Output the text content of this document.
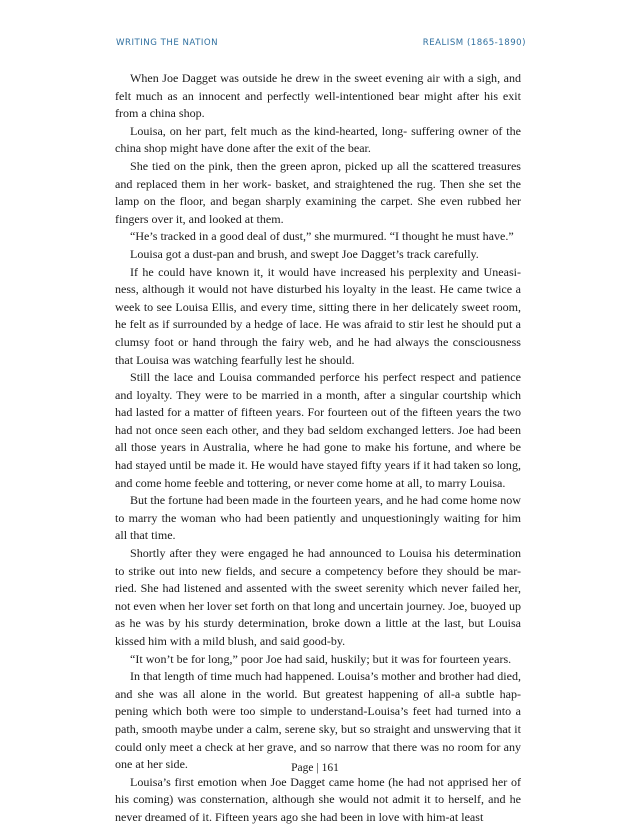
WRITING THE NATION	REALISM (1865-1890)

When Joe Dagget was outside he drew in the sweet evening air with a sigh, and felt much as an innocent and perfectly well-intentioned bear might after his exit from a china shop.

Louisa, on her part, felt much as the kind-hearted, long- suffering owner of the china shop might have done after the exit of the bear.

She tied on the pink, then the green apron, picked up all the scattered treasures and replaced them in her work- basket, and straightened the rug. Then she set the lamp on the floor, and began sharply examining the carpet. She even rubbed her fingers over it, and looked at them.

“He’s tracked in a good deal of dust,” she murmured. “I thought he must have.”

Louisa got a dust-pan and brush, and swept Joe Dagget’s track carefully.

If he could have known it, it would have increased his perplexity and Uneasi-ness, although it would not have disturbed his loyalty in the least. He came twice a week to see Louisa Ellis, and every time, sitting there in her delicately sweet room, he felt as if surrounded by a hedge of lace. He was afraid to stir lest he should put a clumsy foot or hand through the fairy web, and he had always the consciousness that Louisa was watching fearfully lest he should.

Still the lace and Louisa commanded perforce his perfect respect and patience and loyalty. They were to be married in a month, after a singular courtship which had lasted for a matter of fifteen years. For fourteen out of the fifteen years the two had not once seen each other, and they bad seldom exchanged letters. Joe had been all those years in Australia, where he had gone to make his fortune, and where be had stayed until be made it. He would have stayed fifty years if it had taken so long, and come home feeble and tottering, or never come home at all, to marry Louisa.

But the fortune had been made in the fourteen years, and he had come home now to marry the woman who had been patiently and unquestioningly waiting for him all that time.

Shortly after they were engaged he had announced to Louisa his determination to strike out into new fields, and secure a competency before they should be mar-ried. She had listened and assented with the sweet serenity which never failed her, not even when her lover set forth on that long and uncertain journey. Joe, buoyed up as he was by his sturdy determination, broke down a little at the last, but Louisa kissed him with a mild blush, and said good-by.

“It won’t be for long,” poor Joe had said, huskily; but it was for fourteen years.

In that length of time much had happened. Louisa’s mother and brother had died, and she was all alone in the world. But greatest happening of all-a subtle hap-pening which both were too simple to understand-Louisa’s feet had turned into a path, smooth maybe under a calm, serene sky, but so straight and unswerving that it could only meet a check at her grave, and so narrow that there was no room for any one at her side.

Louisa’s first emotion when Joe Dagget came home (he had not apprised her of his coming) was consternation, although she would not admit it to herself, and he never dreamed of it. Fifteen years ago she had been in love with him-at least

Page | 161
